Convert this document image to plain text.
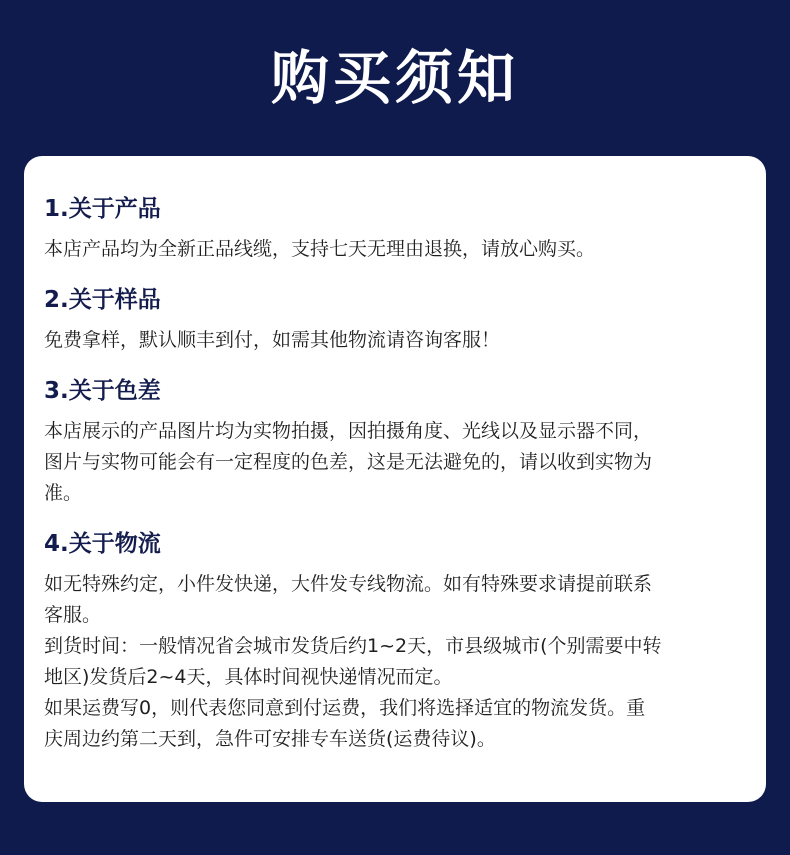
购买须知
1.关于产品

本店产品均为全新正品线缆，支持七天无理由退换，请放心购买。

2.关于样品

免费拿样，默认顺丰到付，如需其他物流请咨询客服！

3.关于色差

本店展示的产品图片均为实物拍摄，因拍摄角度、光线以及显示器不同，

图片与实物可能会有一定程度的色差，这是无法避免的，请以收到实物为

准。

4.关于物流

如无特殊约定，小件发快递，大件发专线物流。如有特殊要求请提前联系

客服。

到货时间：一般情况省会城市发货后约1~2天，市县级城市(个别需要中转

地区)发货后2~4天，具体时间视快递情况而定。

如果运费写0，则代表您同意到付运费，我们将选择适宜的物流发货。重

庆周边约第二天到，急件可安排专车送货(运费待议)。
